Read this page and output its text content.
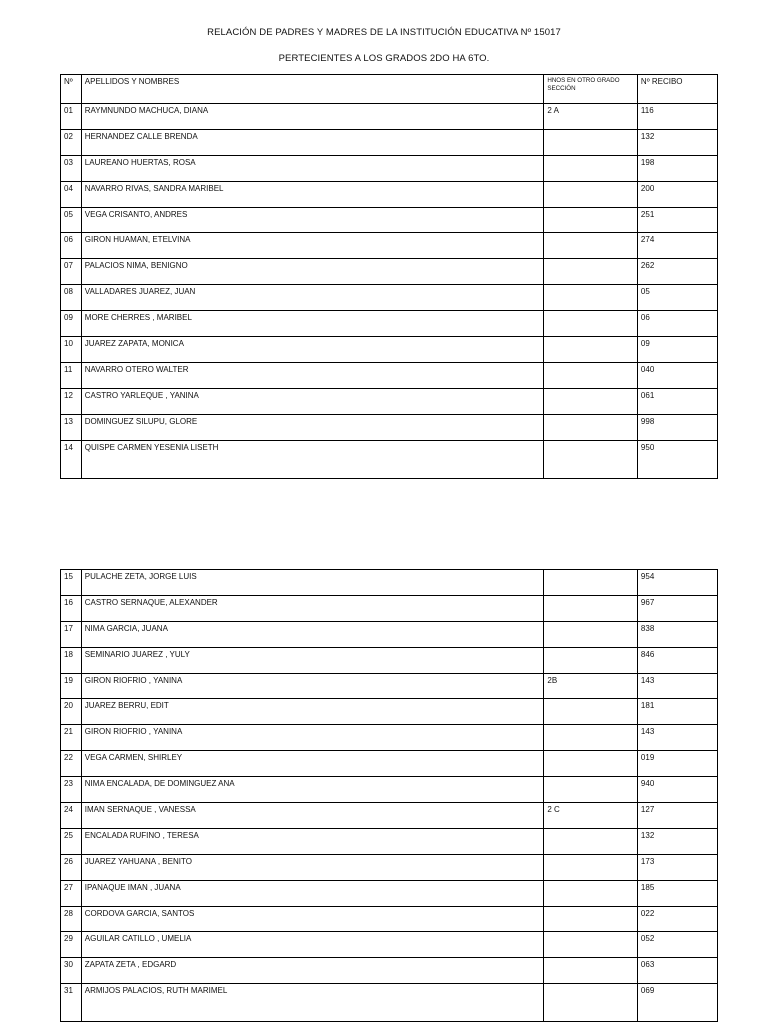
RELACIÓN DE PADRES Y MADRES DE LA INSTITUCIÓN EDUCATIVA Nº 15017
PERTECIENTES A LOS GRADOS 2DO HA 6TO.
Nº	APELLIDOS Y NOMBRES	HNOS EN OTRO GRADO SECCIÓN	Nº RECIBO
01	RAYMNUNDO MACHUCA, DIANA	2 A	116
02	HERNANDEZ CALLE BRENDA		132
03	LAUREANO HUERTAS, ROSA		198
04	NAVARRO RIVAS, SANDRA MARIBEL		200
05	VEGA CRISANTO, ANDRES		251
06	GIRON HUAMAN, ETELVINA		274
07	PALACIOS NIMA, BENIGNO		262
08	VALLADARES JUAREZ, JUAN		05
09	MORE CHERRES , MARIBEL		06
10	JUAREZ ZAPATA, MONICA		09
11	NAVARRO OTERO WALTER		040
12	CASTRO YARLEQUE , YANINA		061
13	DOMINGUEZ SILUPU, GLORE		998
14	QUISPE CARMEN YESENIA LISETH		950
15	PULACHE ZETA, JORGE LUIS		954
16	CASTRO SERNAQUE, ALEXANDER		967
17	NIMA GARCIA, JUANA		838
18	SEMINARIO JUAREZ , YULY		846
19	GIRON RIOFRIO , YANINA	2B	143
20	JUAREZ BERRU, EDIT		181
21	GIRON RIOFRIO , YANINA		143
22	VEGA CARMEN, SHIRLEY		019
23	NIMA ENCALADA, DE DOMINGUEZ ANA		940
24	IMAN SERNAQUE , VANESSA	2 C	127
25	ENCALADA RUFINO , TERESA		132
26	JUAREZ YAHUANA , BENITO		173
27	IPANAQUE IMAN , JUANA		185
28	CORDOVA GARCIA, SANTOS		022
29	AGUILAR CATILLO , UMELIA		052
30	ZAPATA ZETA , EDGARD		063
31	ARMIJOS PALACIOS, RUTH MARIMEL		069
